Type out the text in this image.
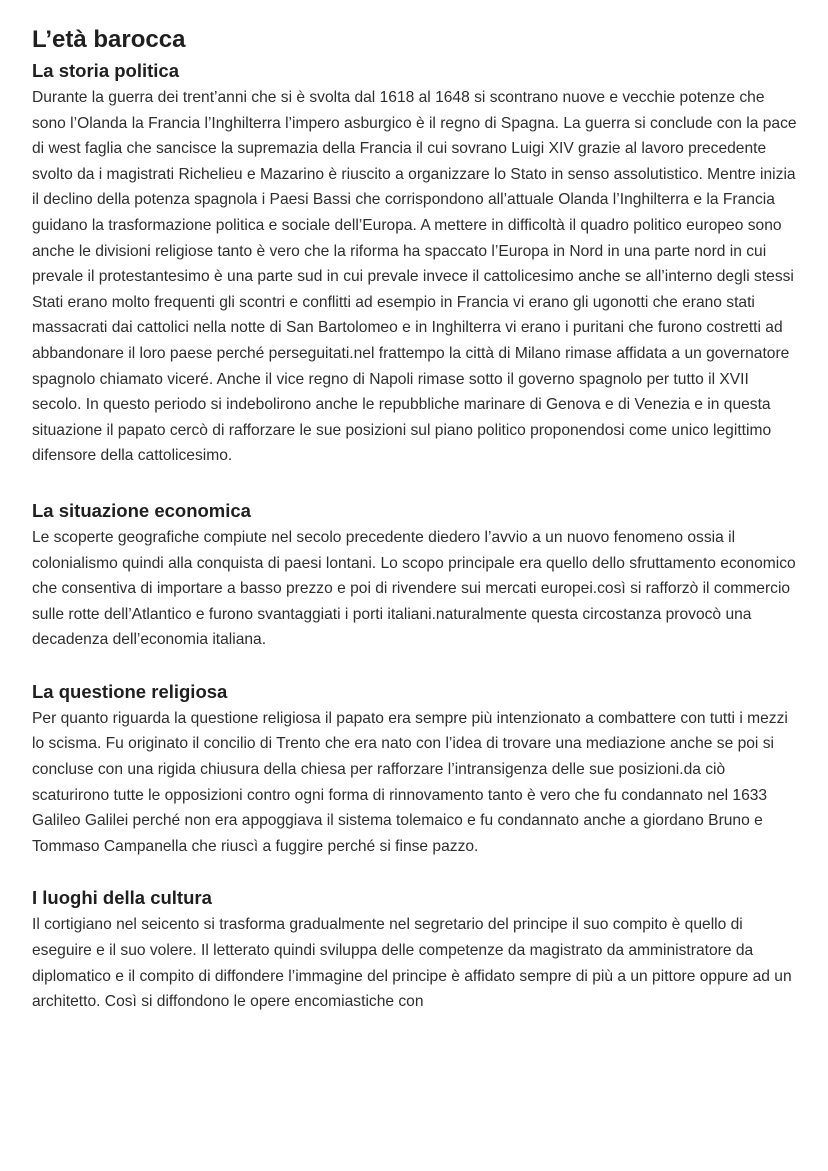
L’età barocca
La storia politica

Durante la guerra dei trent’anni che si è svolta dal 1618 al 1648 si scontrano nuove e vecchie potenze che sono l’Olanda la Francia l’Inghilterra l’impero asburgico è il regno di Spagna. La guerra si conclude con la pace di west faglia che sancisce la supremazia della Francia il cui sovrano Luigi XIV grazie al lavoro precedente svolto da i magistrati Richelieu e Mazarino è riuscito a organizzare lo Stato in senso assolutistico. Mentre inizia il declino della potenza spagnola i Paesi Bassi che corrispondono all’attuale Olanda l’Inghilterra e la Francia guidano la trasformazione politica e sociale dell’Europa. A mettere in difficoltà il quadro politico europeo sono anche le divisioni religiose tanto è vero che la riforma ha spaccato l’Europa in Nord in una parte nord in cui prevale il protestantesimo è una parte sud in cui prevale invece il cattolicesimo anche se all’interno degli stessi Stati erano molto frequenti gli scontri e conflitti ad esempio in Francia vi erano gli ugonotti che erano stati massacrati dai cattolici nella notte di San Bartolomeo e in Inghilterra vi erano i puritani che furono costretti ad abbandonare il loro paese perché perseguitati.nel frattempo la città di Milano rimase affidata a un governatore spagnolo chiamato viceré. Anche il vice regno di Napoli rimase sotto il governo spagnolo per tutto il XVII secolo. In questo periodo si indebolirono anche le repubbliche marinare di Genova e di Venezia e in questa situazione il papato cercò di rafforzare le sue posizioni sul piano politico proponendosi come unico legittimo difensore della cattolicesimo.

La situazione economica

Le scoperte geografiche compiute nel secolo precedente diedero l’avvio a un nuovo fenomeno ossia il colonialismo quindi alla conquista di paesi lontani. Lo scopo principale era quello dello sfruttamento economico che consentiva di importare a basso prezzo e poi di rivendere sui mercati europei.così si rafforzò il commercio sulle rotte dell’Atlantico e furono svantaggiati i porti italiani.naturalmente questa circostanza provocò una decadenza dell’economia italiana.

La questione religiosa

Per quanto riguarda la questione religiosa il papato era sempre più intenzionato a combattere con tutti i mezzi lo scisma. Fu originato il concilio di Trento che era nato con l’idea di trovare una mediazione anche se poi si concluse con una rigida chiusura della chiesa per rafforzare l’intransigenza delle sue posizioni.da ciò scaturirono tutte le opposizioni contro ogni forma di rinnovamento tanto è vero che fu condannato nel 1633 Galileo Galilei perché non era appoggiava il sistema tolemaico e fu condannato anche a giordano Bruno e Tommaso Campanella che riuscì a fuggire perché si finse pazzo.

I luoghi della cultura

Il cortigiano nel seicento si trasforma gradualmente nel segretario del principe il suo compito è quello di eseguire e il suo volere. Il letterato quindi sviluppa delle competenze da magistrato da amministratore da diplomatico e il compito di diffondere l’immagine del principe è affidato sempre di più a un pittore oppure ad un architetto. Così si diffondono le opere encomiastiche con
